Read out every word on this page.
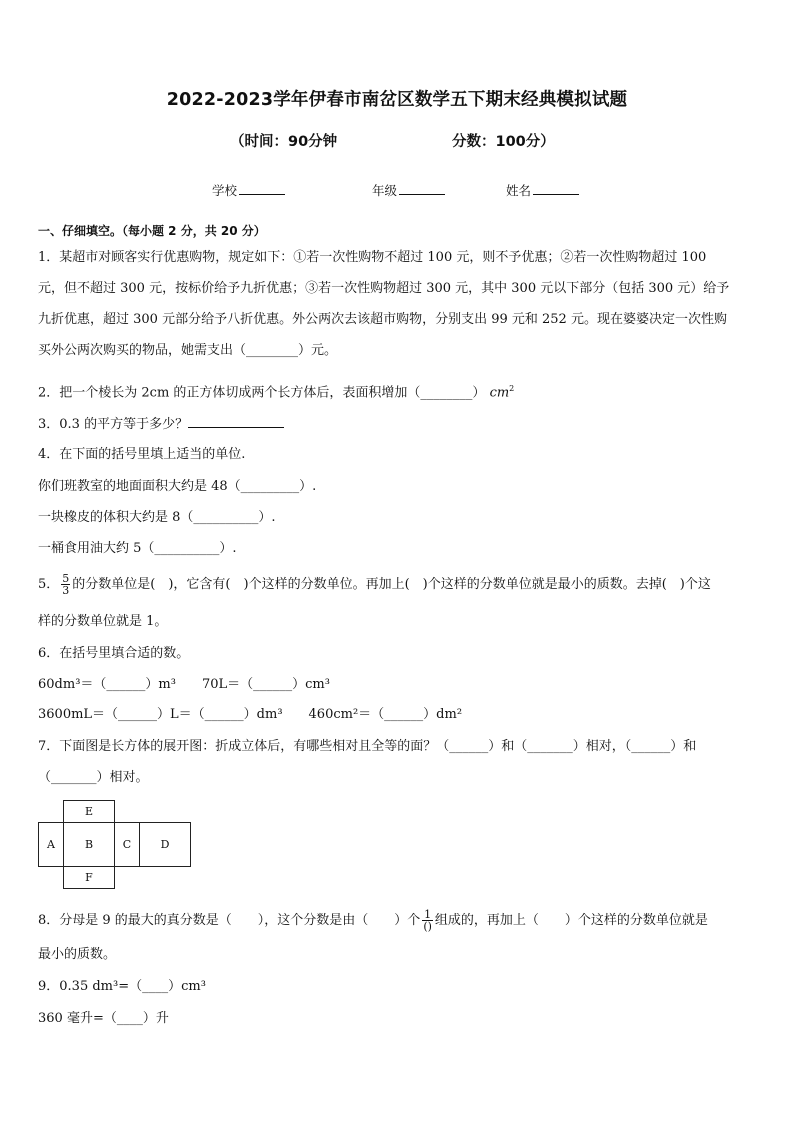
2022-2023学年伊春市南岔区数学五下期末经典模拟试题
（时间：90分钟	分数：100分）
学校	年级	姓名
一、仔细填空。（每小题 2 分，共 20 分）
1．某超市对顾客实行优惠购物，规定如下：①若一次性购物不超过 100 元，则不予优惠；②若一次性购物超过 100
元，但不超过 300 元，按标价给予九折优惠；③若一次性购物超过 300 元，其中 300 元以下部分（包括 300 元）给予
九折优惠，超过 300 元部分给予八折优惠。外公两次去该超市购物，分别支出 99 元和 252 元。现在婆婆决定一次性购
买外公两次购买的物品，她需支出（________）元。
2．把一个棱长为 2cm 的正方体切成两个长方体后，表面积增加（________） $cm^2$
3．0.3 的平方等于多少？
4．在下面的括号里填上适当的单位.
你们班教室的地面面积大约是 48（_________）.
一块橡皮的体积大约是 8（__________）.
一桶食用油大约 5（__________）.
5． $\frac{5}{3}$ 的分数单位是(　)，它含有(　)个这样的分数单位。再加上(　)个这样的分数单位就是最小的质数。去掉(　)个这
样的分数单位就是 1。
6．在括号里填合适的数。
60dm³＝（______）m³　　70L＝（______）cm³
3600mL＝（______）L＝（______）dm³　　460cm²＝（______）dm²
7．下面图是长方体的展开图：折成立体后，有哪些相对且全等的面？（______）和（_______）相对，（______）和
（_______）相对。
E
A	B	C	D
F
8．分母是 9 的最大的真分数是（　　），这个分数是由（　　）个 $\frac{1}{()}$ 组成的，再加上（　　）个这样的分数单位就是
最小的质数。
9．0.35 dm³=（____）cm³
360 毫升=（____）升
